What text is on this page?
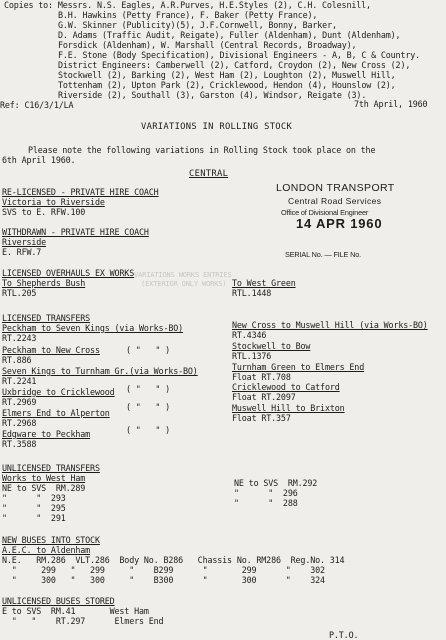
Copies to: Messrs. N.S. Eagles, A.R.Purves, H.E.Styles (2), C.H. Colesnill,
B.H. Hawkins (Petty France), F. Baker (Petty France),
G.W. Skinner (Publicity)(5), J.F.Cornwell, Bonny, Barker,
D. Adams (Traffic Audit, Reigate), Fuller (Aldenham), Dunt (Aldenham),
Forsdick (Aldenham), W. Marshall (Central Records, Broadway),
F.E. Stone (Body Specification), Divisional Engineers - A, B, C & Country.
District Engineers: Camberwell (2), Catford, Croydon (2), New Cross (2),
Stockwell (2), Barking (2), West Ham (2), Loughton (2), Muswell Hill,
Tottenham (2), Upton Park (2), Cricklewood, Hendon (4), Hounslow (2),
Riverside (2), Southall (3), Garston (4), Windsor, Reigate (3).
Ref: C16/3/1/LA	7th April, 1960
VARIATIONS IN ROLLING STOCK
Please note the following variations in Rolling Stock took place on the
6th April 1960.
CENTRAL
LONDON TRANSPORT
Central Road Services
Office of Divisional Engineer
14 APR 1960
SERIAL No. — FILE No.
RE-LICENSED - PRIVATE HIRE COACH
Victoria to Riverside
SVS to E. RFW.100
WITHDRAWN - PRIVATE HIRE COACH
Riverside
E. RFW.7
LICENSED OVERHAULS EX WORKS
To Shepherds Bush
RTL.205
To West Green
RTL.1448
VARIATIONS WORKS ENTRIES
(EXTERIOR ONLY WORKS)
LICENSED TRANSFERS
Peckham to Seven Kings (via Works-BO)
RT.2243
Peckham to New Cross	( "   " )
RT.886
Seven Kings to Turnham Gr.(via Works-BO)
RT.2241
Uxbridge to Cricklewood ( "   " )
RT.2969
Elmers End to Alperton
( "   " )
RT.2968
Edgware to Peckham	( "   " )
RT.3588
New Cross to Muswell Hill (via Works-BO)
RT.4346
Stockwell to Bow
RTL.1376
Turnham Green to Elmers End
Float RT.708
Cricklewood to Catford
Float RT.2097
Muswell Hill to Brixton
Float RT.357
UNLICENSED TRANSFERS
Works to West Ham
NE to SVS  RM.289
"      "  293
"      "  295
"      "  291
NE to SVS  RM.292
"      "  296
"      "  288
NEW BUSES INTO STOCK
A.E.C. to Aldenham
N.E.   RM.286  VLT.286  Body No. B286   Chassis No. RM286  Reg.No. 314
"     299   "   299     "    B299      "       299      "    302
"     300   "   300     "    B300      "       300      "    324
UNLICENSED BUSES STORED
E to SVS  RM.41       West Ham
"   "    RT.297      Elmers End
P.T.O.
